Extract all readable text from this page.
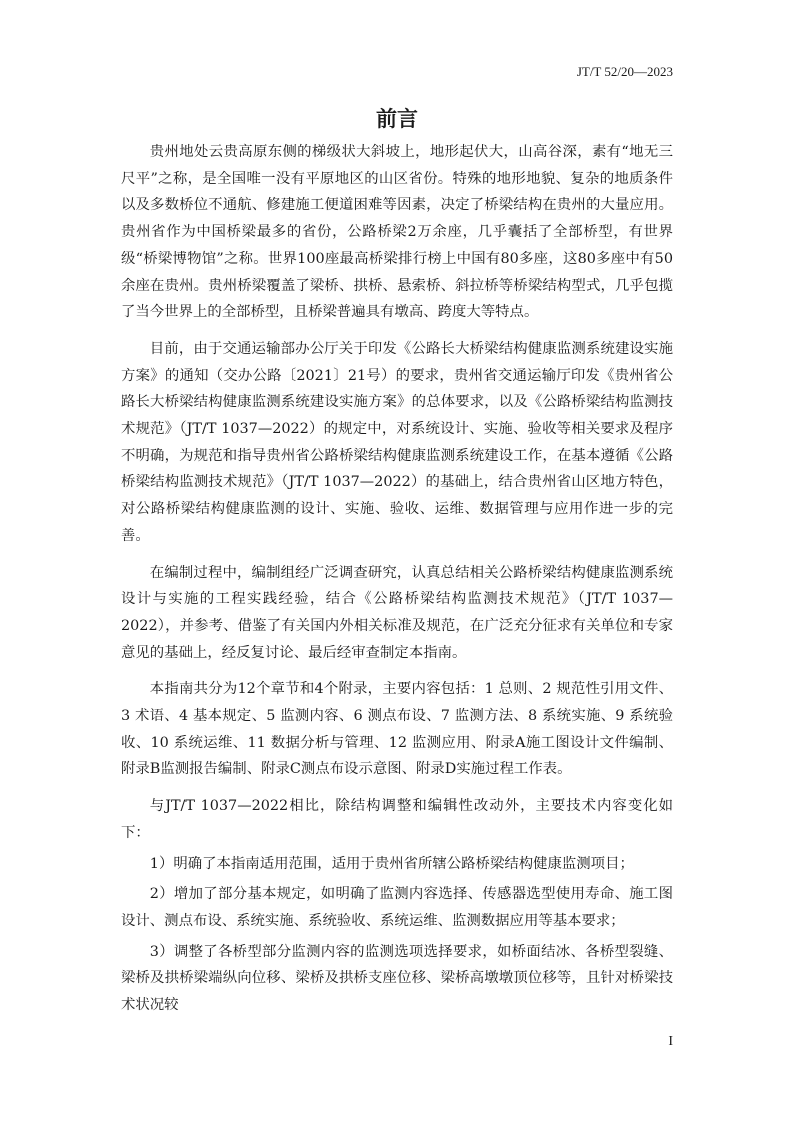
JT/T 52/20—2023
前言

贵州地处云贵高原东侧的梯级状大斜坡上，地形起伏大，山高谷深，素有“地无三尺平”之称，是全国唯一没有平原地区的山区省份。特殊的地形地貌、复杂的地质条件以及多数桥位不通航、修建施工便道困难等因素，决定了桥梁结构在贵州的大量应用。贵州省作为中国桥梁最多的省份，公路桥梁2万余座，几乎囊括了全部桥型，有世界级“桥梁博物馆”之称。世界100座最高桥梁排行榜上中国有80多座，这80多座中有50余座在贵州。贵州桥梁覆盖了梁桥、拱桥、悬索桥、斜拉桥等桥梁结构型式，几乎包揽了当今世界上的全部桥型，且桥梁普遍具有墩高、跨度大等特点。

目前，由于交通运输部办公厅关于印发《公路长大桥梁结构健康监测系统建设实施方案》的通知（交办公路〔2021〕21号）的要求，贵州省交通运输厅印发《贵州省公路长大桥梁结构健康监测系统建设实施方案》的总体要求，以及《公路桥梁结构监测技术规范》（JT/T 1037—2022）的规定中，对系统设计、实施、验收等相关要求及程序不明确，为规范和指导贵州省公路桥梁结构健康监测系统建设工作，在基本遵循《公路桥梁结构监测技术规范》（JT/T 1037—2022）的基础上，结合贵州省山区地方特色，对公路桥梁结构健康监测的设计、实施、验收、运维、数据管理与应用作进一步的完善。

在编制过程中，编制组经广泛调查研究，认真总结相关公路桥梁结构健康监测系统设计与实施的工程实践经验，结合《公路桥梁结构监测技术规范》（JT/T 1037—2022），并参考、借鉴了有关国内外相关标准及规范，在广泛充分征求有关单位和专家意见的基础上，经反复讨论、最后经审查制定本指南。

本指南共分为12个章节和4个附录，主要内容包括：1 总则、2 规范性引用文件、3 术语、4 基本规定、5 监测内容、6 测点布设、7 监测方法、8 系统实施、9 系统验收、10 系统运维、11 数据分析与管理、12 监测应用、附录A施工图设计文件编制、附录B监测报告编制、附录C测点布设示意图、附录D实施过程工作表。

与JT/T 1037—2022相比，除结构调整和编辑性改动外，主要技术内容变化如下：

1）明确了本指南适用范围，适用于贵州省所辖公路桥梁结构健康监测项目；

2）增加了部分基本规定，如明确了监测内容选择、传感器选型使用寿命、施工图设计、测点布设、系统实施、系统验收、系统运维、监测数据应用等基本要求；

3）调整了各桥型部分监测内容的监测选项选择要求，如桥面结冰、各桥型裂缝、梁桥及拱桥梁端纵向位移、梁桥及拱桥支座位移、梁桥高墩墩顶位移等，且针对桥梁技术状况较

I
